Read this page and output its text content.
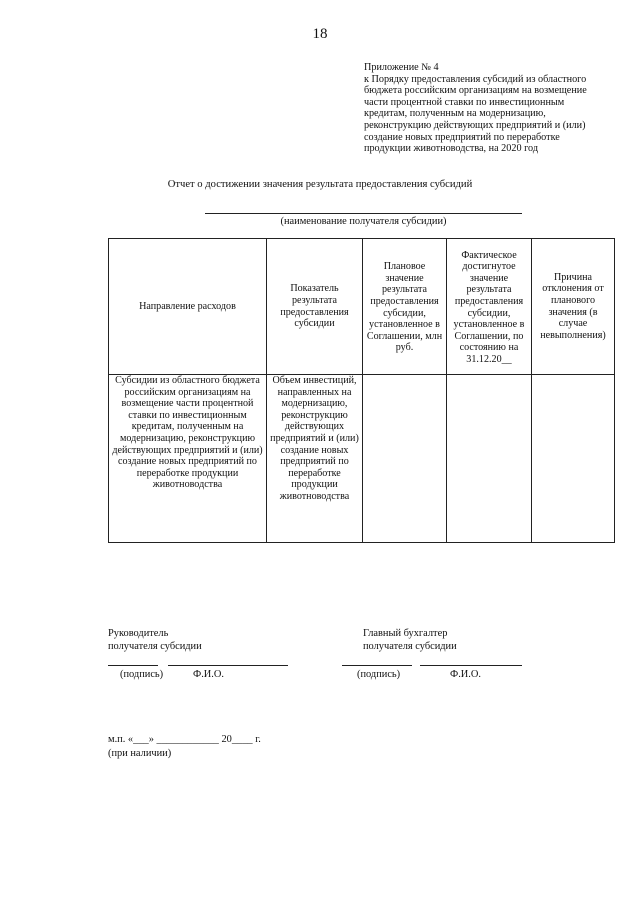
18
Приложение № 4
к Порядку предоставления субсидий из областного
бюджета российским организациям на возмещение
части процентной ставки по инвестиционным
кредитам, полученным на модернизацию,
реконструкцию действующих предприятий и (или)
создание новых предприятий по переработке
продукции животноводства, на 2020 год
Отчет о достижении значения результата предоставления субсидий
(наименование получателя субсидии)
Направление расходов	Показатель результата предоставления субсидии	Плановое значение результата предоставления субсидии, установленное в Соглашении, млн руб.	Фактическое достигнутое значение результата предоставления субсидии, установленное в Соглашении, по состоянию на 31.12.20__	Причина отклонения от планового значения (в случае невыполнения)
Субсидии из областного бюджета российским организациям на возмещение части процентной ставки по инвестиционным кредитам, полученным на модернизацию, реконструкцию действующих предприятий и (или) создание новых предприятий по переработке продукции животноводства	Объем инвестиций, направленных на модернизацию, реконструкцию действующих предприятий и (или) создание новых предприятий по переработке продукции животноводства			
Руководитель
получателя субсидии
(подпись)	Ф.И.О.
Главный бухгалтер
получателя субсидии
(подпись)	Ф.И.О.
м.п. «___» ____________ 20____ г.
(при наличии)
